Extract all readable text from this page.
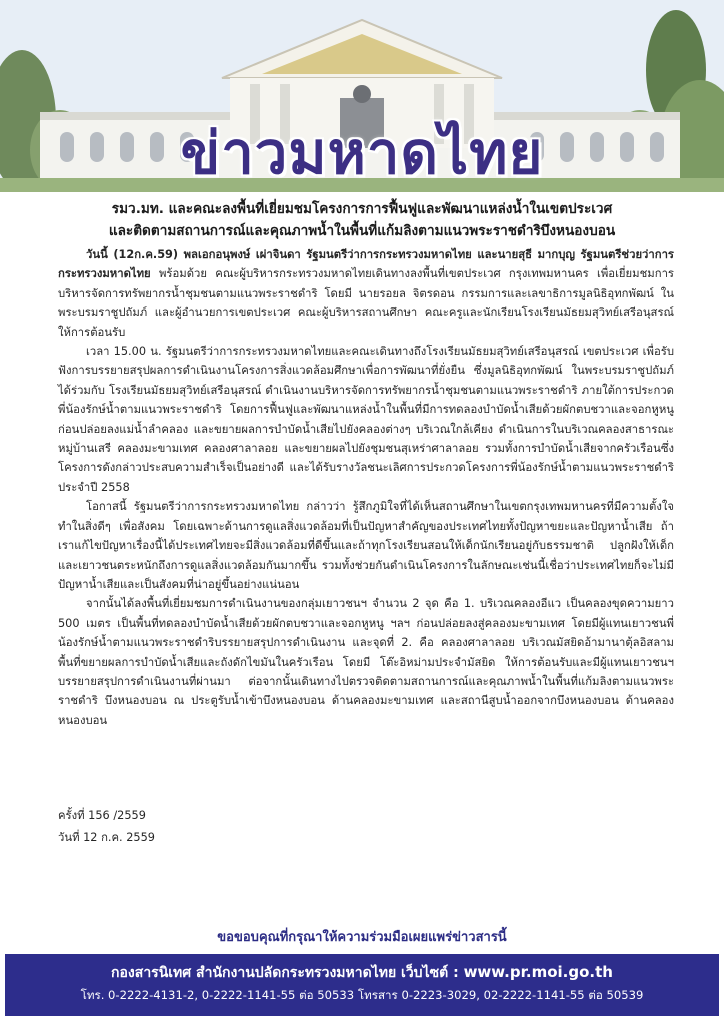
ข่าวมหาดไทย
รมว.มท. และคณะลงพื้นที่เยี่ยมชมโครงการการฟื้นฟูและพัฒนาแหล่งน้ำในเขตประเวศ
และติดตามสถานการณ์และคุณภาพน้ำในพื้นที่แก้มลิงตามแนวพระราชดำริบึงหนองบอน

วันนี้ (12ก.ค.59) พลเอกอนุพงษ์ เผ่าจินดา รัฐมนตรีว่าการกระทรวงมหาดไทย และนายสุธี มากบุญ รัฐมนตรีช่วยว่าการกระทรวงมหาดไทย พร้อมด้วย คณะผู้บริหารกระทรวงมหาดไทยเดินทางลงพื้นที่เขตประเวศ กรุงเทพมหานคร เพื่อเยี่ยมชมการบริหารจัดการทรัพยากรน้ำชุมชนตามแนวพระราชดำริ โดยมี นายรอยล จิตรดอน กรรมการและเลขาธิการมูลนิธิอุทกพัฒน์ ในพระบรมราชูปถัมภ์ และผู้อำนวยการเขตประเวศ คณะผู้บริหารสถานศึกษา คณะครูและนักเรียนโรงเรียนมัธยมสุวิทย์เสรีอนุสรณ์ ให้การต้อนรับ

เวลา 15.00 น. รัฐมนตรีว่าการกระทรวงมหาดไทยและคณะเดินทางถึงโรงเรียนมัธยมสุวิทย์เสรีอนุสรณ์ เขตประเวศ เพื่อรับฟังการบรรยายสรุปผลการดำเนินงานโครงการสิ่งแวดล้อมศึกษาเพื่อการพัฒนาที่ยั่งยืน ซึ่งมูลนิธิอุทกพัฒน์ ในพระบรมราชูปถัมภ์ ได้ร่วมกับ โรงเรียนมัธยมสุวิทย์เสรีอนุสรณ์ ดำเนินงานบริหารจัดการทรัพยากรน้ำชุมชนตามแนวพระราชดำริ ภายใต้การประกวดพี่น้องรักษ์น้ำตามแนวพระราชดำริ โดยการฟื้นฟูและพัฒนาแหล่งน้ำในพื้นที่มีการทดลองบำบัดน้ำเสียด้วยผักตบชวาและจอกหูหนูก่อนปล่อยลงแม่น้ำลำคลอง และขยายผลการบำบัดน้ำเสียไปยังคลองต่างๆ บริเวณใกล้เคียง ดำเนินการในบริเวณคลองสาธารณะหมู่บ้านเสรี คลองมะขามเทศ คลองศาลาลอย และขยายผลไปยังชุมชนสุเหร่าศาลาลอย รวมทั้งการบำบัดน้ำเสียจากครัวเรือนซึ่งโครงการดังกล่าวประสบความสำเร็จเป็นอย่างดี และได้รับรางวัลชนะเลิศการประกวดโครงการพี่น้องรักษ์น้ำตามแนวพระราชดำริ ประจำปี 2558

โอกาสนี้ รัฐมนตรีว่าการกระทรวงมหาดไทย กล่าวว่า รู้สึกภูมิใจที่ได้เห็นสถานศึกษาในเขตกรุงเทพมหานครที่มีความตั้งใจทำในสิ่งดีๆ เพื่อสังคม โดยเฉพาะด้านการดูแลสิ่งแวดล้อมที่เป็นปัญหาสำคัญของประเทศไทยทั้งปัญหาขยะและปัญหาน้ำเสีย ถ้าเราแก้ไขปัญหาเรื่องนี้ได้ประเทศไทยจะมีสิ่งแวดล้อมที่ดีขึ้นและถ้าทุกโรงเรียนสอนให้เด็กนักเรียนอยู่กับธรรมชาติ ปลูกฝังให้เด็กและเยาวชนตระหนักถึงการดูแลสิ่งแวดล้อมกันมากขึ้น รวมทั้งช่วยกันดำเนินโครงการในลักษณะเช่นนี้เชื่อว่าประเทศไทยก็จะไม่มีปัญหาน้ำเสียและเป็นสังคมที่น่าอยู่ขึ้นอย่างแน่นอน

จากนั้นได้ลงพื้นที่เยี่ยมชมการดำเนินงานของกลุ่มเยาวชนฯ จำนวน 2 จุด คือ 1. บริเวณคลองอีแว เป็นคลองขุดความยาว 500 เมตร เป็นพื้นที่ทดลองบำบัดน้ำเสียด้วยผักตบชวาและจอกหูหนู ฯลฯ ก่อนปล่อยลงสู่คลองมะขามเทศ โดยมีผู้แทนเยาวชนพี่น้องรักษ์น้ำตามแนวพระราชดำริบรรยายสรุปการดำเนินงาน และจุดที่ 2. คือ คลองศาลาลอย บริเวณมัสยิดอ้ามานาตุ้ลอิสลาม พื้นที่ขยายผลการบำบัดน้ำเสียและถังดักไขมันในครัวเรือน โดยมี โต๊ะอิหม่ามประจำมัสยิด ให้การต้อนรับและมีผู้แทนเยาวชนฯ บรรยายสรุปการดำเนินงานที่ผ่านมา ต่อจากนั้นเดินทางไปตรวจติดตามสถานการณ์และคุณภาพน้ำในพื้นที่แก้มลิงตามแนวพระราชดำริ บึงหนองบอน ณ ประตูรับน้ำเข้าบึงหนองบอน ด้านคลองมะขามเทศ และสถานีสูบน้ำออกจากบึงหนองบอน ด้านคลองหนองบอน

ครั้งที่ 156 /2559
วันที่ 12 ก.ค. 2559
ขอขอบคุณที่กรุณาให้ความร่วมมือเผยแพร่ข่าวสารนี้
กองสารนิเทศ สำนักงานปลัดกระทรวงมหาดไทย เว็บไซต์ : www.pr.moi.go.th
โทร. 0-2222-4131-2, 0-2222-1141-55 ต่อ 50533 โทรสาร 0-2223-3029, 02-2222-1141-55 ต่อ 50539
